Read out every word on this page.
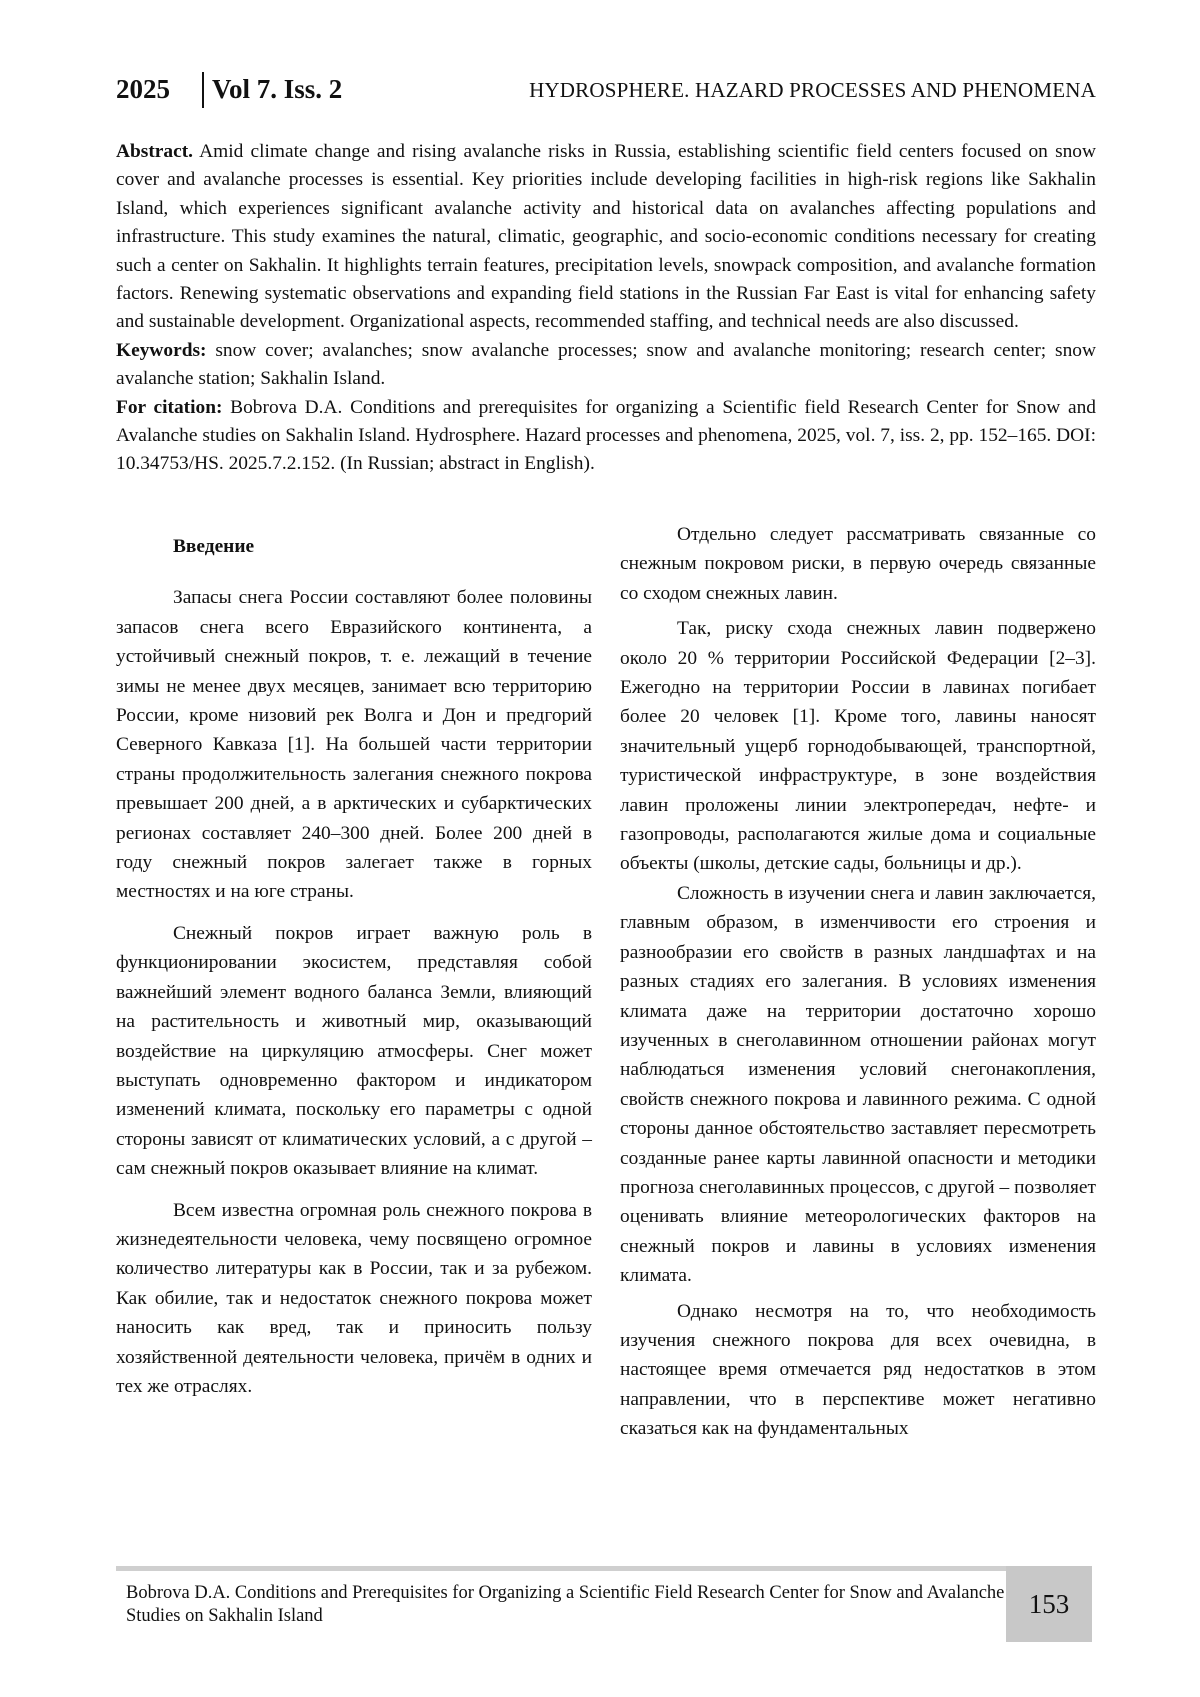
2025 Vol 7. Iss. 2	HYDROSPHERE. HAZARD PROCESSES AND PHENOMENA

Abstract. Amid climate change and rising avalanche risks in Russia, establishing scientific field centers focused on snow cover and avalanche processes is essential. Key priorities include developing facilities in high-risk regions like Sakhalin Island, which experiences significant avalanche activity and historical data on avalanches affecting populations and infrastructure. This study examines the natural, climatic, geographic, and socio-economic conditions necessary for creating such a center on Sakhalin. It highlights terrain features, precipitation levels, snowpack composition, and avalanche formation factors. Renewing systematic observations and expanding field stations in the Russian Far East is vital for enhancing safety and sustainable development. Organizational aspects, recommended staffing, and technical needs are also discussed.

Keywords: snow cover; avalanches; snow avalanche processes; snow and avalanche monitoring; research center; snow avalanche station; Sakhalin Island.

For citation: Bobrova D.A. Conditions and prerequisites for organizing a Scientific field Research Center for Snow and Avalanche studies on Sakhalin Island. Hydrosphere. Hazard processes and phenomena, 2025, vol. 7, iss. 2, pp. 152–165. DOI: 10.34753/HS. 2025.7.2.152. (In Russian; abstract in English).

Введение

Запасы снега России составляют более половины запасов снега всего Евразийского континента, а устойчивый снежный покров, т. е. лежащий в течение зимы не менее двух месяцев, занимает всю территорию России, кроме низовий рек Волга и Дон и предгорий Северного Кавказа [1]. На большей части территории страны продолжительность залегания снежного покрова превышает 200 дней, а в арктических и субарктических регионах составляет 240–300 дней. Более 200 дней в году снежный покров залегает также в горных местностях и на юге страны.

Снежный покров играет важную роль в функционировании экосистем, представляя собой важнейший элемент водного баланса Земли, влияющий на растительность и животный мир, оказывающий воздействие на циркуляцию атмосферы. Снег может выступать одновременно фактором и индикатором изменений климата, поскольку его параметры с одной стороны зависят от климатических условий, а с другой – сам снежный покров оказывает влияние на климат.

Всем известна огромная роль снежного покрова в жизнедеятельности человека, чему посвящено огромное количество литературы как в России, так и за рубежом. Как обилие, так и недостаток снежного покрова может наносить как вред, так и приносить пользу хозяйственной деятельности человека, причём в одних и тех же отраслях.

Отдельно следует рассматривать связанные со снежным покровом риски, в первую очередь связанные со сходом снежных лавин.

Так, риску схода снежных лавин подвержено около 20 % территории Российской Федерации [2–3]. Ежегодно на территории России в лавинах погибает более 20 человек [1]. Кроме того, лавины наносят значительный ущерб горнодобывающей, транспортной, туристической инфраструктуре, в зоне воздействия лавин проложены линии электропередач, нефте- и газопроводы, располагаются жилые дома и социальные объекты (школы, детские сады, больницы и др.).

Сложность в изучении снега и лавин заключается, главным образом, в изменчивости его строения и разнообразии его свойств в разных ландшафтах и на разных стадиях его залегания. В условиях изменения климата даже на территории достаточно хорошо изученных в снеголавинном отношении районах могут наблюдаться изменения условий снегонакопления, свойств снежного покрова и лавинного режима. С одной стороны данное обстоятельство заставляет пересмотреть созданные ранее карты лавинной опасности и методики прогноза снеголавинных процессов, с другой – позволяет оценивать влияние метеорологических факторов на снежный покров и лавины в условиях изменения климата.

Однако несмотря на то, что необходимость изучения снежного покрова для всех очевидна, в настоящее время отмечается ряд недостатков в этом направлении, что в перспективе может негативно сказаться как на фундаментальных

Bobrova D.A. Conditions and Prerequisites for Organizing a Scientific Field Research Center for Snow and Avalanche Studies on Sakhalin Island	153
